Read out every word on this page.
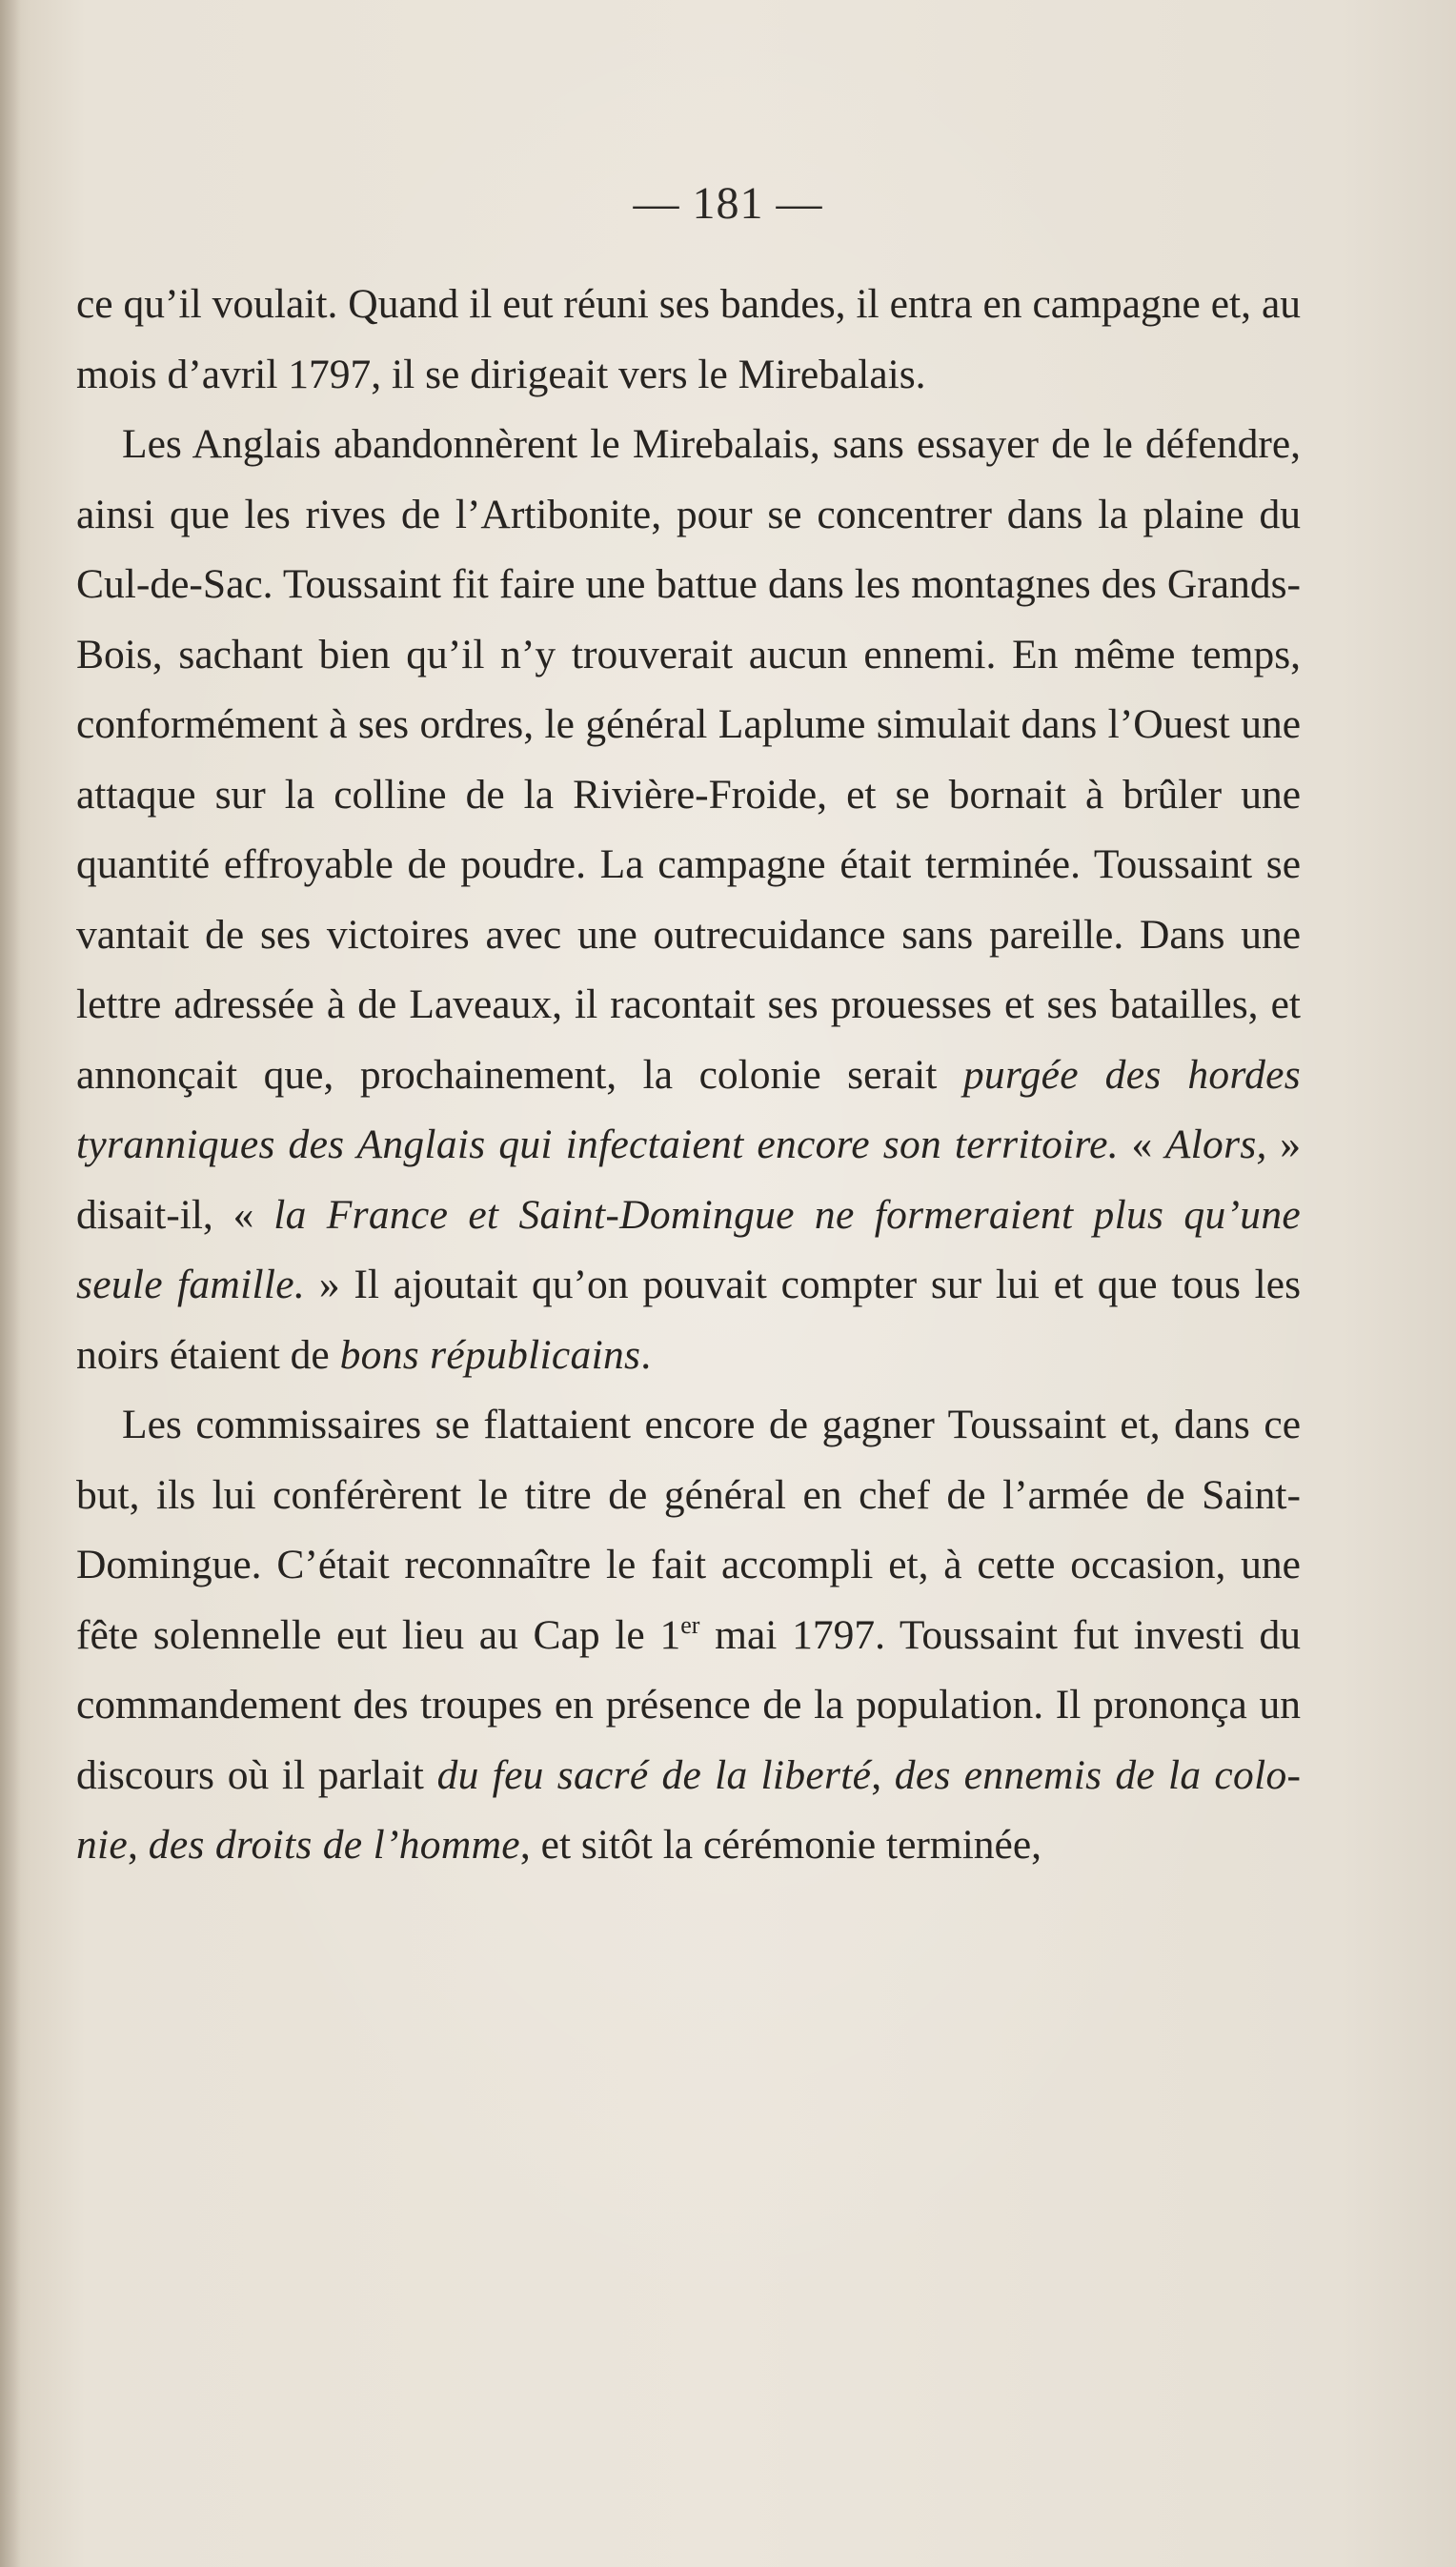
— 181 —

ce qu’il voulait. Quand il eut réuni ses bandes, il entra en campagne et, au mois d’avril 1797, il se dirigeait vers le Mirebalais.

Les Anglais abandonnèrent le Mirebalais, sans essayer de le défendre, ainsi que les rives de l’Artibonite, pour se concentrer dans la plaine du Cul-de-Sac. Toussaint fit faire une battue dans les montagnes des Grands-Bois, sachant bien qu’il n’y trouverait aucun ennemi. En même temps, conformément à ses ordres, le général Laplume simulait dans l’Ouest une attaque sur la colline de la Rivière-Froide, et se bornait à brûler une quantité effroyable de poudre. La campagne était terminée. Toussaint se vantait de ses victoires avec une outrecuidance sans pareille. Dans une lettre adressée à de Laveaux, il racontait ses prouesses et ses batailles, et annonçait que, prochainement, la colonie serait purgée des hordes tyranniques des Anglais qui infectaient encore son territoire. « Alors, » disait-il, « la France et Saint-Domingue ne formeraient plus qu’une seule famille. » Il ajoutait qu’on pouvait compter sur lui et que tous les noirs étaient de bons républicains.

Les commissaires se flattaient encore de gagner Toussaint et, dans ce but, ils lui conférèrent le titre de général en chef de l’armée de Saint-Domingue. C’était reconnaître le fait accompli et, à cette occasion, une fête solennelle eut lieu au Cap le 1er mai 1797. Toussaint fut investi du commandement des troupes en présence de la population. Il prononça un discours où il parlait du feu sacré de la liberté, des ennemis de la colonie, des droits de l’homme, et sitôt la cérémonie terminée,
